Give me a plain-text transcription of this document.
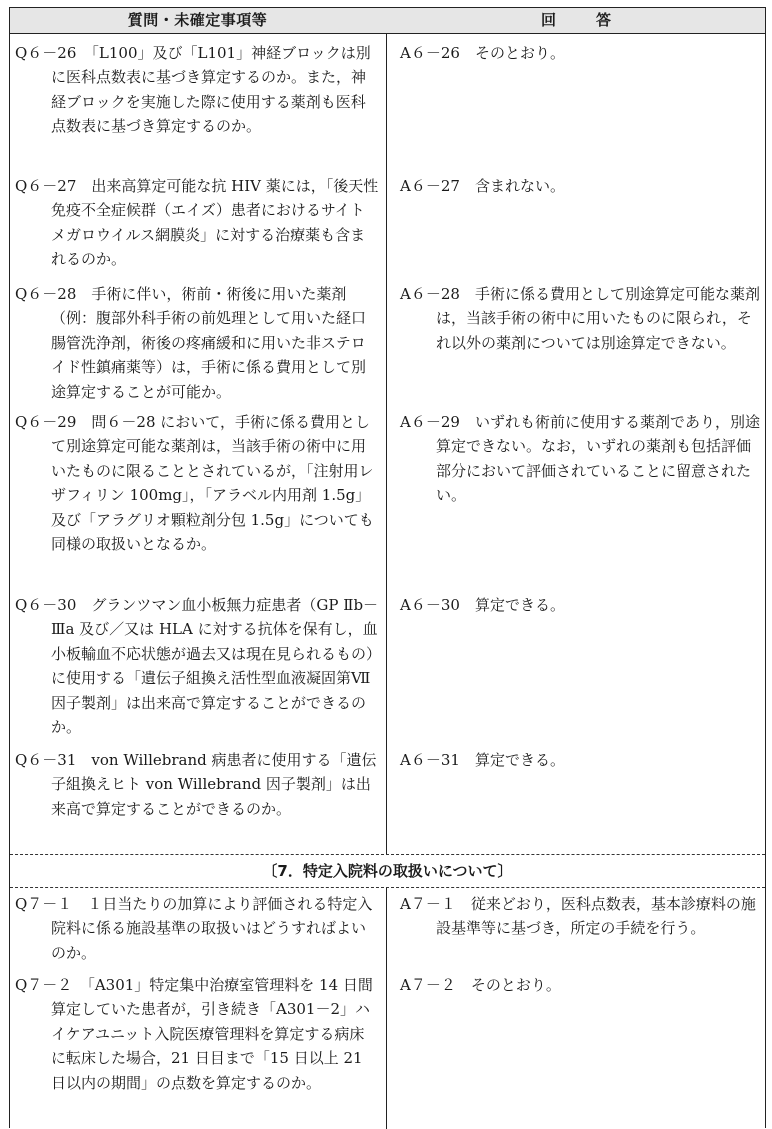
質問・未確定事項等	回答
Q６－26　 「L100」及び「L101」神経ブロックは別に医科点数表に基づき算定するのか。また，神経ブロックを実施した際に使用する薬剤も医科点数表に基づき算定するのか。
A６－26　 そのとおり。
Q６－27　 出来高算定可能な抗 HIV 薬には，「後天性免疫不全症候群（エイズ）患者におけるサイトメガロウイルス網膜炎」に対する治療薬も含まれるのか。
A６－27　 含まれない。
Q６－28　 手術に伴い，術前・術後に用いた薬剤（例：腹部外科手術の前処理として用いた経口腸管洗浄剤，術後の疼痛緩和に用いた非ステロイド性鎮痛薬等）は，手術に係る費用として別途算定することが可能か。
A６－28　 手術に係る費用として別途算定可能な薬剤は，当該手術の術中に用いたものに限られ，それ以外の薬剤については別途算定できない。
Q６－29　 問６－28 において，手術に係る費用として別途算定可能な薬剤は，当該手術の術中に用いたものに限ることとされているが，「注射用レザフィリン 100mg」，「アラベル内用剤 1.5g」及び「アラグリオ顆粒剤分包 1.5g」についても同様の取扱いとなるか。
A６－29　 いずれも術前に使用する薬剤であり，別途算定できない。なお，いずれの薬剤も包括評価部分において評価されていることに留意されたい。
Q６－30　 グランツマン血小板無力症患者（GP Ⅱb－Ⅲa 及び／又は HLA に対する抗体を保有し，血小板輸血不応状態が過去又は現在見られるもの）に使用する「遺伝子組換え活性型血液凝固第Ⅶ因子製剤」は出来高で算定することができるのか。
A６－30　 算定できる。
Q６－31　 von Willebrand 病患者に使用する「遺伝子組換えヒト von Willebrand 因子製剤」は出来高で算定することができるのか。
A６－31　 算定できる。
〔7．特定入院料の取扱いについて〕
Q７－１　 １日当たりの加算により評価される特定入院料に係る施設基準の取扱いはどうすればよいのか。
A７－１　 従来どおり，医科点数表，基本診療料の施設基準等に基づき，所定の手続を行う。
Q７－２　 「A301」特定集中治療室管理料を 14 日間算定していた患者が，引き続き「A301－2」ハイケアユニット入院医療管理料を算定する病床に転床した場合，21 日目まで「15 日以上 21 日以内の期間」の点数を算定するのか。
A７－２　 そのとおり。
